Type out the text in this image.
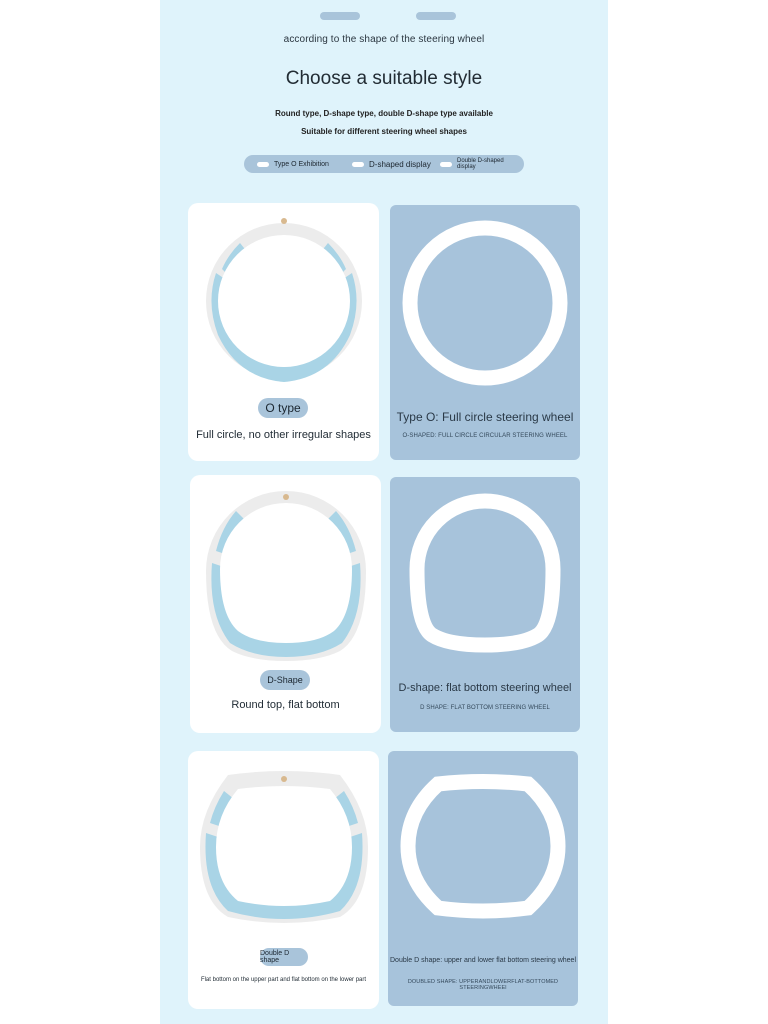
according to the shape of the steering wheel
Choose a suitable style
Round type, D-shape type, double D-shape type available
Suitable for different steering wheel shapes
Type O Exhibition	D-shaped display	Double D-shaped display
O type
Full circle, no other irregular shapes
Type O: Full circle steering wheel
O-SHAPED: FULL CIRCLE CIRCULAR STEERING WHEEL
D-Shape
Round top, flat bottom
D-shape: flat bottom steering wheel
D SHAPE: FLAT BOTTOM STEERING WHEEL
Double D shape
Flat bottom on the upper part and flat bottom on the lower part
Double D shape: upper and lower flat bottom steering wheel
DOUBLED SHAPE: UPPERANDLOWERFLAT-BOTTOMED STEERINGWHEEl
